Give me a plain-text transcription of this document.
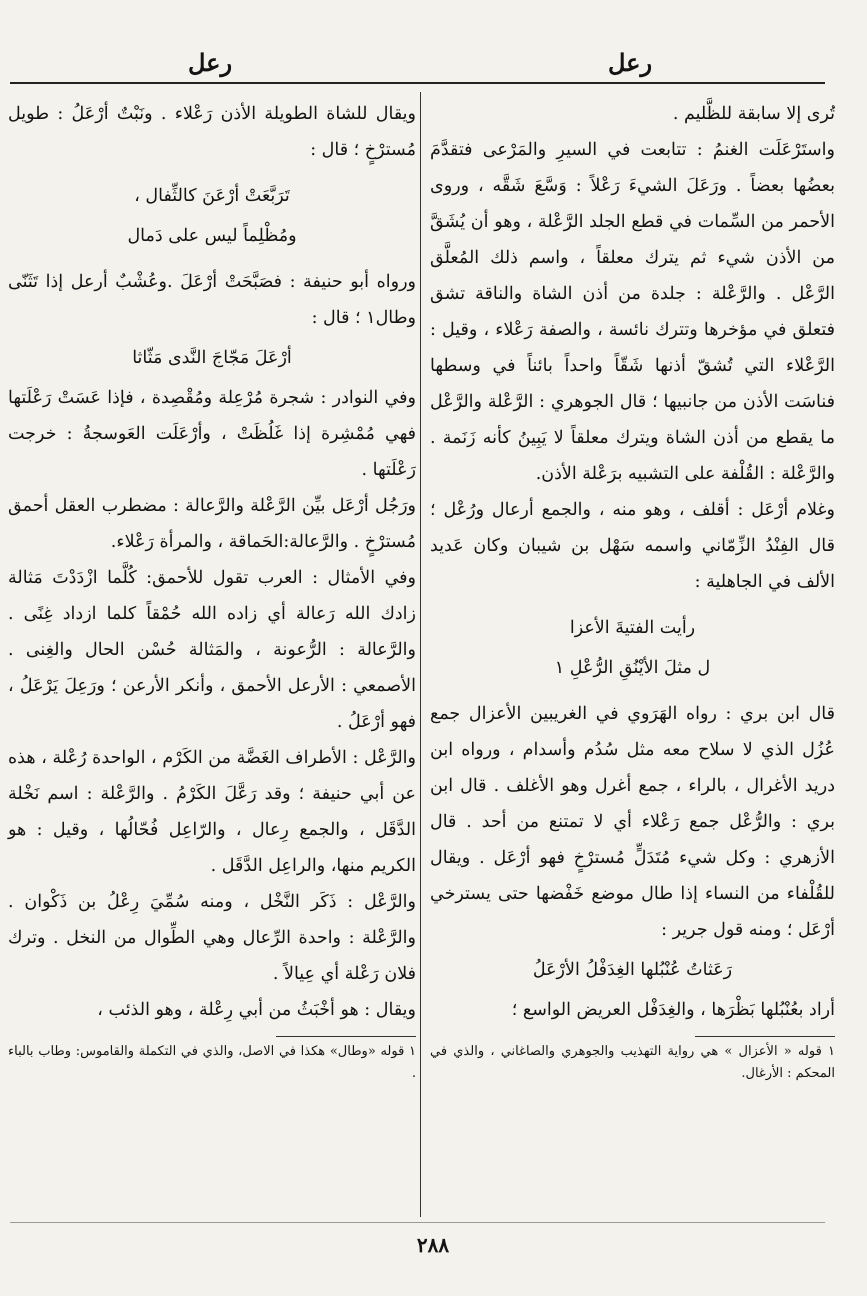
رعل
رعل

تُرى إلا سابقة للظَّليم .

واستَرْعَلَت الغنمُ : تتابعت في السيرِ والمَرْعى فتقدَّمَ بعضُها بعضاً . ورَعَلَ الشيءَ رَعْلاً : وَسَّعَ شَقَّه ، وروى الأحمر من السِّمات في قطع الجلد الرَّعْلة ، وهو أن يُشَقَّ من الأذن شيء ثم يترك معلقاً ، واسم ذلك المُعلَّق الرَّعْل . والرَّعْلة : جلدة من أذن الشاة والناقة تشق فتعلق في مؤخرها وتترك نائسة ، والصفة رَعْلاء ، وقيل : الرَّعْلاء التي تُشقّ أذنها شَقّاً واحداً بائناً في وسطها فناسَت الأذن من جانبيها ؛ قال الجوهري : الرَّعْلة والرَّعْل ما يقطع من أذن الشاة ويترك معلقاً لا يَبِينُ كأنه زَنَمة . والرَّعْلة : القُلْفة على التشبيه برَعْلة الأذن.

وغلام أرْعَل : أقلف ، وهو منه ، والجمع أرعال ورُعْل ؛ قال الفِنْدُ الزِّمّاني واسمه سَهْل بن شيبان وكان عَديد الألف في الجاهلية :

رأيت الفتيةَ الأعزا

ل مثلَ الأيْنُقِ الرُّعْلِ ١

قال ابن بري : رواه الهَرَوي في الغريبين الأعزال جمع عُزُل الذي لا سلاح معه مثل سُدُم وأسدام ، ورواه ابن دريد الأغرال ، بالراء ، جمع أغرل وهو الأغلف . قال ابن بري : والرُّعْل جمع رَعْلاء أي لا تمتنع من أحد . قال الأزهري : وكل شيء مُتَدَلٍّ مُسترْخٍ فهو أرْعَل . ويقال للقُلْفاء من النساء إذا طال موضع خَفْضها حتى يسترخي أرْعَل ؛ ومنه قول جرير :

رَعَثاتُ عُنْبُلها الغِدَفْلُ الأرْعَلُ

أراد بعُنْبُلها بَظْرَها ، والغِدَفْل العريض الواسع ؛

١ قوله « الأعزال » هي رواية التهذيب والجوهري والصاغاني ، والذي في المحكم : الأرغال.

ويقال للشاة الطويلة الأذن رَعْلاء . ونَبْتٌ أرْعَلُ : طويل مُسترْخٍ ؛ قال :

تَرَبَّعَتْ أرْعَنَ كالثِّفال ،

ومُظْلِماً ليس على دَمال

ورواه أبو حنيفة : فصَبَّحَتْ أرْعَلَ .وعُشْبٌ أرعل إذا تَثَنّى وطال١ ؛ قال :

أرْعَلَ مَجّاجَ النَّدى مَثّاثا

وفي النوادر : شجرة مُرْعِلة ومُقْصِدة ، فإذا عَسَتْ رَعْلَتها فهي مُمْشِرة إذا غَلُظَتْ ، وأرْعَلَت العَوسجةُ : خرجت رَعْلَتها .

ورَجُل أرْعَل بيِّن الرَّعْلة والرَّعالة : مضطرب العقل أحمق مُسترْخٍ . والرَّعالة:الحَماقة ، والمرأة رَعْلاء.

وفي الأمثال : العرب تقول للأحمق: كُلَّما ازْدَدْتَ مَثالة زادك الله رَعالة أي زاده الله حُمْقاً كلما ازداد غِنًى . والرَّعالة : الرُّعونة ، والمَثالة حُسْن الحال والغِنى . الأصمعي : الأرعل الأحمق ، وأنكر الأرعن ؛ ورَعِلَ يَرْعَلُ ، فهو أرْعَلُ .

والرَّعْل : الأطراف الغَضَّة من الكَرْم ، الواحدة رُعْلة ، هذه عن أبي حنيفة ؛ وقد رَعَّلَ الكَرْمُ . والرَّعْلة : اسم نَخْلة الدَّقَل ، والجمع رِعال ، والرّاعِل فُحّالُها ، وقيل : هو الكريم منها، والراعِل الدَّقَل .

والرَّعْل : ذَكَر النَّخْل ، ومنه سُمِّيَ رِعْلُ بن ذَكْوان . والرَّعْلة : واحدة الرِّعال وهي الطِّوال من النخل . وترك فلان رَعْلة أي عِيالاً .

ويقال : هو أخْبَثُ من أبي رِعْلة ، وهو الذئب ،

١ قوله «وطال» هكذا في الاصل، والذي في التكملة والقاموس: وطاب بالباء .

٢٨٨
